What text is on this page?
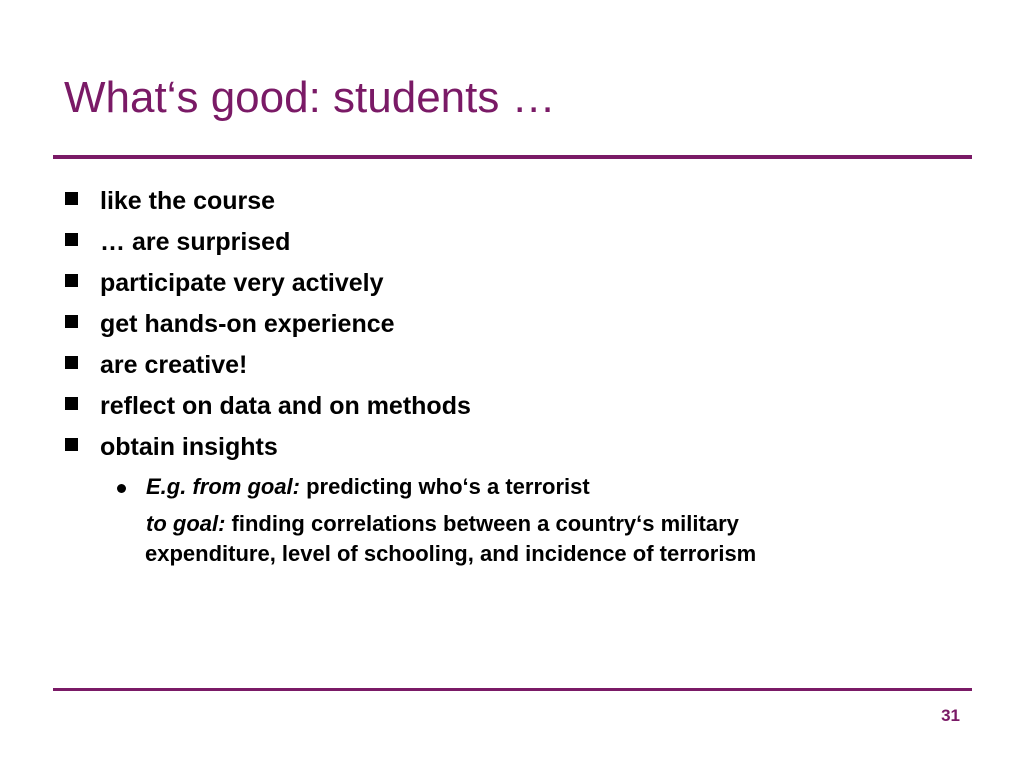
What‘s good: students …
like the course
… are surprised
participate very actively
get hands-on experience
are creative!
reflect on data and on methods
obtain insights
E.g. from goal: predicting who‘s a terrorist
to goal: finding correlations between a country‘s military
expenditure, level of schooling, and incidence of terrorism
31
